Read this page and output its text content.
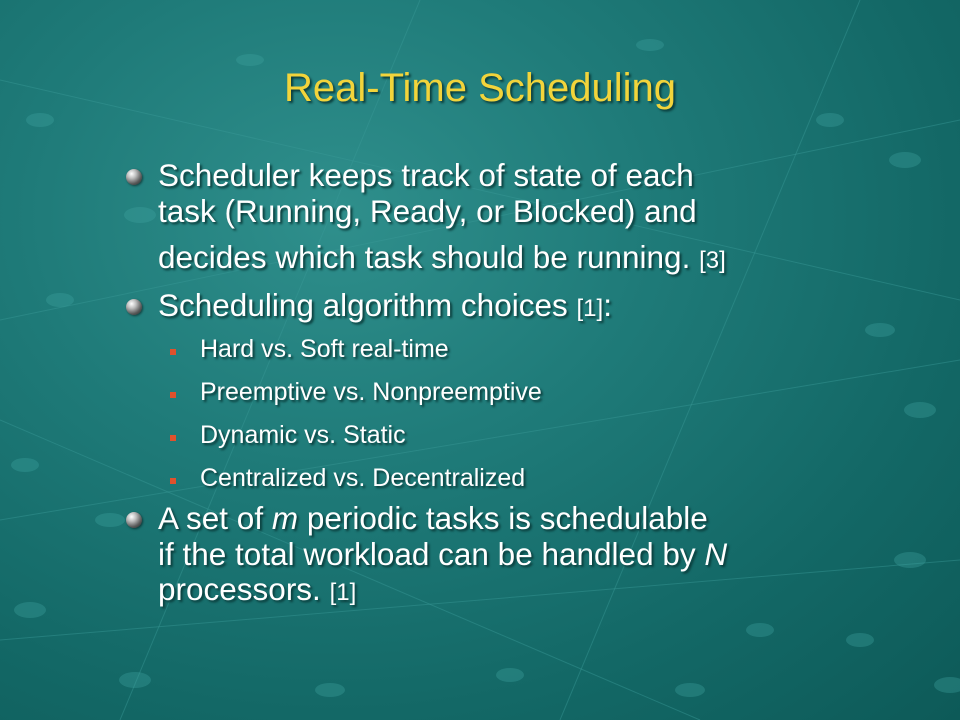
Real-Time Scheduling
Scheduler keeps track of state of each
task (Running, Ready, or Blocked) and

decides which task should be running. [3]
Scheduling algorithm choices [1]:
Hard vs. Soft real-time
Preemptive vs. Nonpreemptive
Dynamic vs. Static
Centralized vs. Decentralized
A set of m periodic tasks is schedulable
if the total workload can be handled by N
processors. [1]
